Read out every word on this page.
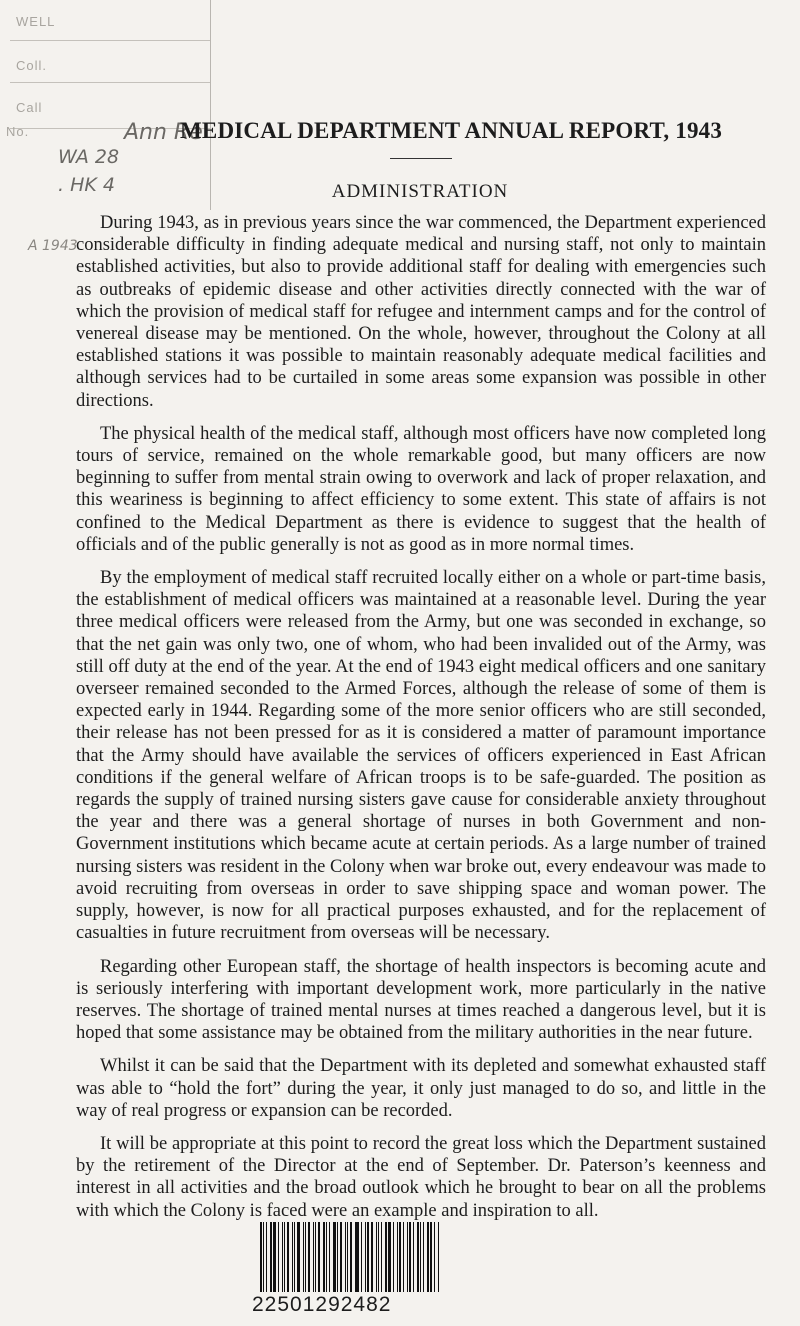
WELL
Coll.
Call
No.	Ann Re
WA 28
. HK 4
A 1943
MEDICAL DEPARTMENT ANNUAL REPORT, 1943
ADMINISTRATION

During 1943, as in previous years since the war commenced, the Department experienced considerable difficulty in finding adequate medical and nursing staff, not only to maintain established activities, but also to provide additional staff for dealing with emergencies such as outbreaks of epidemic disease and other activities directly connected with the war of which the provision of medical staff for refugee and internment camps and for the control of venereal disease may be mentioned. On the whole, however, throughout the Colony at all established stations it was possible to maintain reasonably adequate medical facilities and although services had to be curtailed in some areas some expansion was possible in other directions.

The physical health of the medical staff, although most officers have now completed long tours of service, remained on the whole remarkable good, but many officers are now beginning to suffer from mental strain owing to overwork and lack of proper relaxation, and this weariness is beginning to affect efficiency to some extent. This state of affairs is not confined to the Medical Department as there is evidence to suggest that the health of officials and of the public generally is not as good as in more normal times.

By the employment of medical staff recruited locally either on a whole or part-time basis, the establishment of medical officers was maintained at a reasonable level. During the year three medical officers were released from the Army, but one was seconded in exchange, so that the net gain was only two, one of whom, who had been invalided out of the Army, was still off duty at the end of the year. At the end of 1943 eight medical officers and one sanitary overseer remained seconded to the Armed Forces, although the release of some of them is expected early in 1944. Regarding some of the more senior officers who are still seconded, their release has not been pressed for as it is considered a matter of paramount importance that the Army should have available the services of officers experienced in East African conditions if the general welfare of African troops is to be safe-guarded. The position as regards the supply of trained nursing sisters gave cause for considerable anxiety throughout the year and there was a general shortage of nurses in both Government and non-Government institutions which became acute at certain periods. As a large number of trained nursing sisters was resident in the Colony when war broke out, every endeavour was made to avoid recruiting from overseas in order to save shipping space and woman power. The supply, however, is now for all practical purposes exhausted, and for the replacement of casualties in future recruitment from overseas will be necessary.

Regarding other European staff, the shortage of health inspectors is becoming acute and is seriously interfering with important development work, more particularly in the native reserves. The shortage of trained mental nurses at times reached a dangerous level, but it is hoped that some assistance may be obtained from the military authorities in the near future.

Whilst it can be said that the Department with its depleted and somewhat exhausted staff was able to “hold the fort” during the year, it only just managed to do so, and little in the way of real progress or expansion can be recorded.

It will be appropriate at this point to record the great loss which the Department sustained by the retirement of the Director at the end of September. Dr. Paterson’s keenness and interest in all activities and the broad outlook which he brought to bear on all the problems with which the Colony is faced were an example and inspiration to all.

22501292482
